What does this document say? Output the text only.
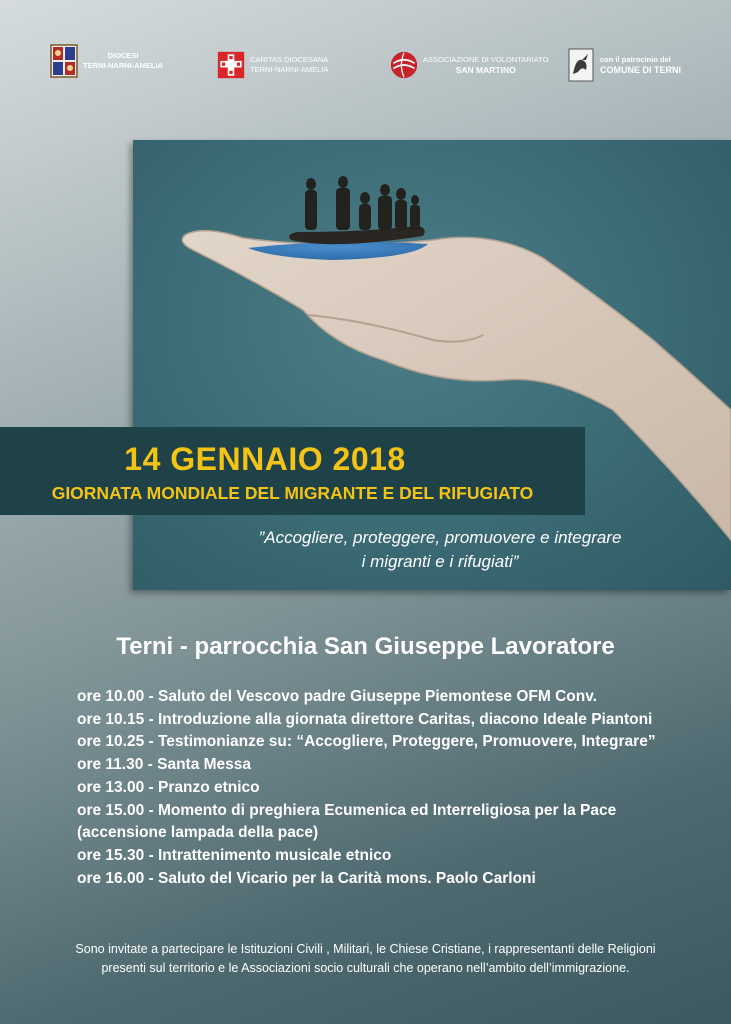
DIOCESI
TERNI-NARNI-AMELIA
CARITAS DIOCESANA
TERNI-NARNI-AMELIA
ASSOCIAZIONE DI VOLONTARIATO
SAN MARTINO
con il patrocinio del
COMUNE DI TERNI
14 GENNAIO 2018
GIORNATA MONDIALE DEL MIGRANTE E DEL RIFUGIATO
”Accogliere, proteggere, promuovere e integrare
i migranti e i rifugiati”
Terni - parrocchia San Giuseppe Lavoratore
ore 10.00 - Saluto del Vescovo padre Giuseppe Piemontese OFM Conv.
ore 10.15 - Introduzione alla giornata direttore Caritas, diacono Ideale Piantoni
ore 10.25 - Testimonianze su: “Accogliere, Proteggere, Promuovere, Integrare”
ore 11.30 - Santa Messa
ore 13.00 - Pranzo etnico
ore 15.00 - Momento di preghiera Ecumenica ed Interreligiosa per la Pace
(accensione lampada della pace)
ore 15.30 - Intrattenimento musicale etnico
ore 16.00 - Saluto del Vicario per la Carità mons. Paolo Carloni
Sono invitate a partecipare le Istituzioni Civili , Militari, le Chiese Cristiane, i rappresentanti delle Religioni
presenti sul territorio e le Associazioni socio culturali che operano nell’ambito dell’immigrazione.
